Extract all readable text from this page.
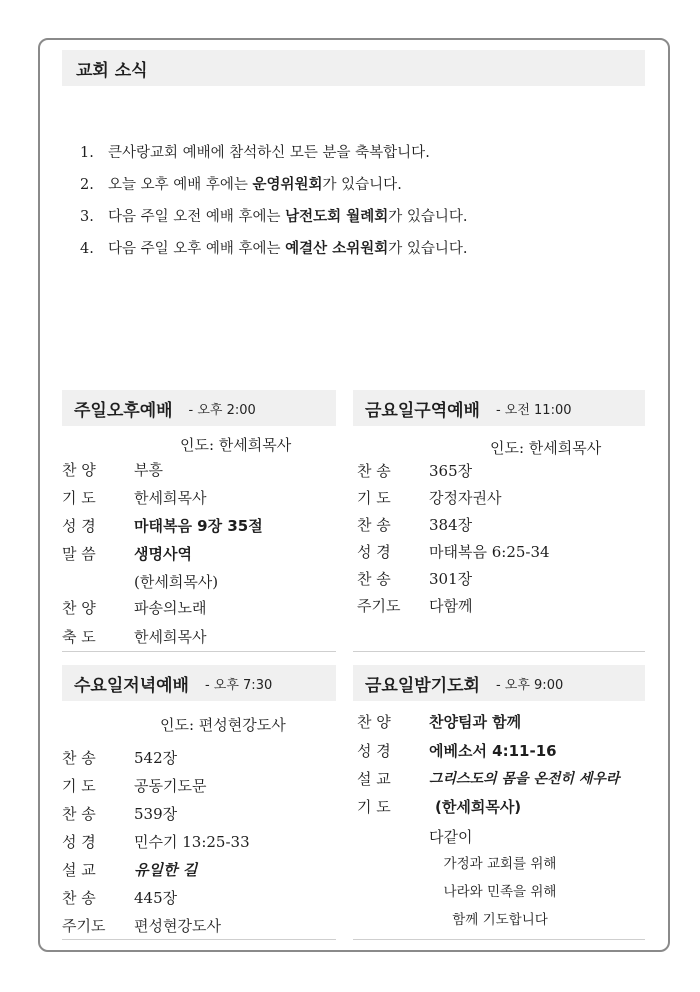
교회 소식
1. 큰사랑교회 예배에 참석하신 모든 분을 축복합니다.
2. 오늘 오후 예배 후에는 운영위원회가 있습니다.
3. 다음 주일 오전 예배 후에는 남전도회 월례회가 있습니다.
4. 다음 주일 오후 예배 후에는 예결산 소위원회가 있습니다.
주일오후예배 - 오후 2:00
인도: 한세희목사
찬 양	부흥
기 도	한세희목사
성 경	마태복음 9장 35절
말 씀	생명사역
(한세희목사)
찬 양	파송의노래
축 도	한세희목사
금요일구역예배 - 오전 11:00
인도: 한세희목사
찬 송	365장
기 도	강정자권사
찬 송	384장
성 경	마태복음 6:25-34
찬 송	301장
주기도	다함께
수요일저녁예배 - 오후 7:30
인도: 편성현강도사
찬 송	542장
기 도	공동기도문
찬 송	539장
성 경	민수기 13:25-33
설 교	유일한 길
찬 송	445장
주기도	편성현강도사
금요일밤기도회 - 오후 9:00
찬 양	찬양팀과 함께
성 경	에베소서 4:11-16
설 교	그리스도의 몸을 온전히 세우라
기 도	(한세희목사)
다같이
가정과 교회를 위해
나라와 민족을 위해
함께 기도합니다
